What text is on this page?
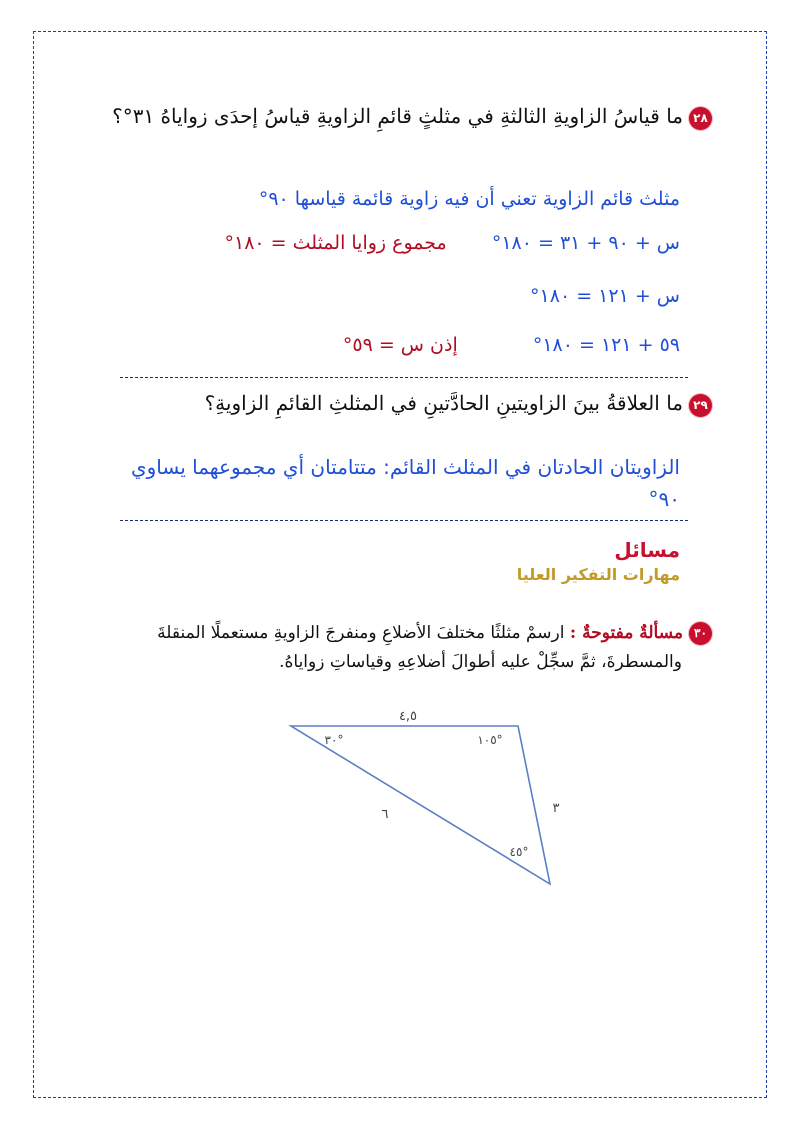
٢٨ما قياسُ الزاويةِ الثالثةِ في مثلثٍ قائمِ الزاويةِ قياسُ إحدَى زواياهُ ٣١°؟
مثلث قائم الزاوية تعني أن فيه زاوية قائمة قياسها ٩٠°
س + ٩٠ + ٣١ = ١٨٠° مجموع زوايا المثلث = ١٨٠°
س + ١٢١ = ١٨٠°
٥٩ + ١٢١ = ١٨٠° إذن س = ٥٩°
٢٩ما العلاقةُ بينَ الزاويتينِ الحادَّتينِ في المثلثِ القائمِ الزاويةِ؟
الزاويتان الحادتان في المثلث القائم: متتامتان أي مجموعهما يساوي
٩٠°
مسائل
مهارات التفكير العليا
٣٠مسألةٌ مفتوحةٌ : ارسمْ مثلثًا مختلفَ الأضلاعِ ومنفرجَ الزاويةِ مستعملًا المنقلةَ
والمسطرةَ، ثمَّ سجِّلْ عليه أطوالَ أضلاعِهِ وقياساتِ زواياهُ.
٤,٥
٦	٣
٣٠°	١٠٥°
٤٥°
